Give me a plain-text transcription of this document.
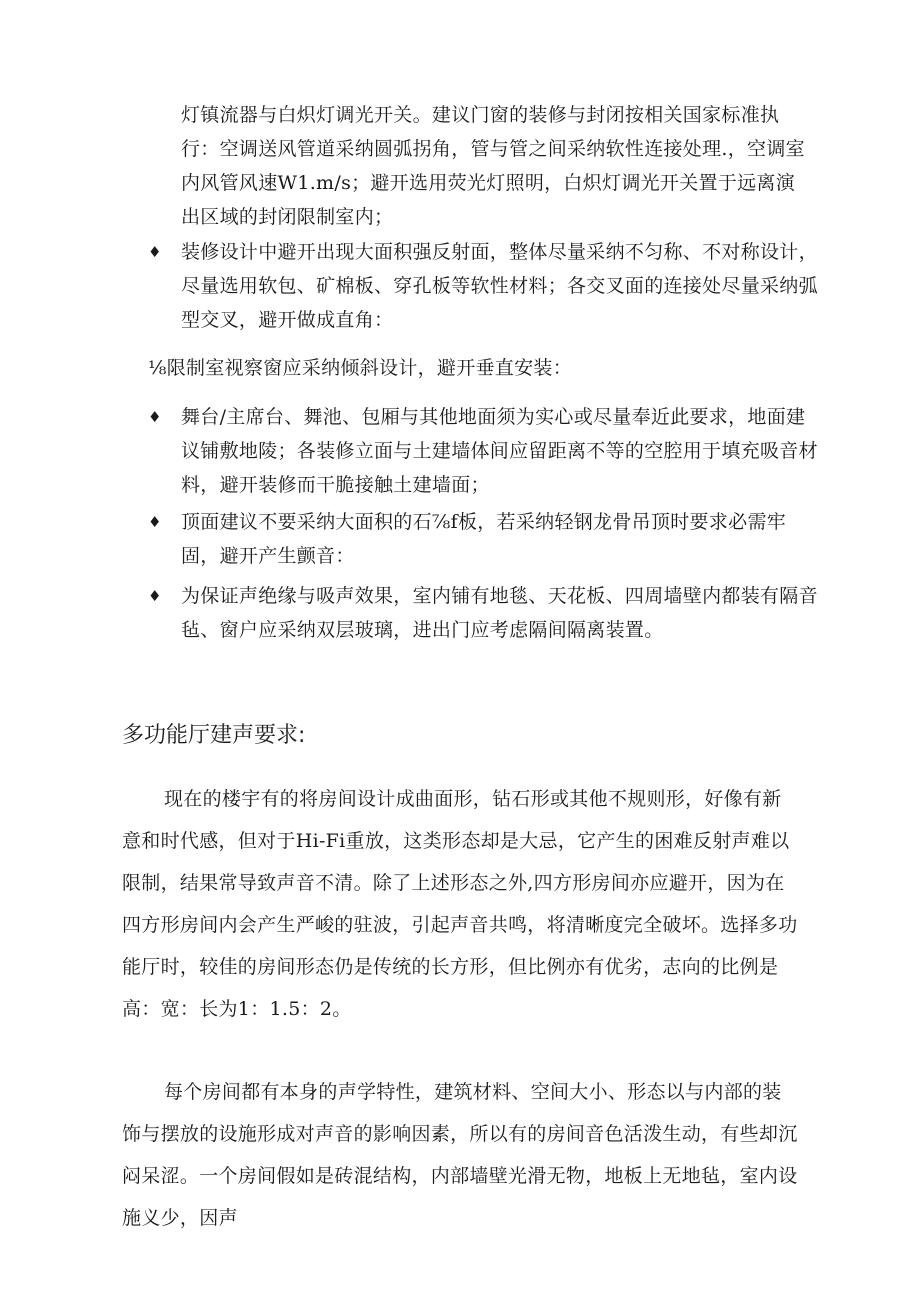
灯镇流器与白炽灯调光开关。建议门窗的装修与封闭按相关国家标准执行：空调送风管道采纳圆弧拐角，管与管之间采纳软性连接处理.，空调室内风管风速W1.m/s；避开选用荧光灯照明，白炽灯调光开关置于远离演出区域的封闭限制室内；

♦ 装修设计中避开出现大面积强反射面，整体尽量采纳不匀称、不对称设计，尽量选用软包、矿棉板、穿孔板等软性材料；各交叉面的连接处尽量采纳弧型交叉，避开做成直角：

⅛限制室视察窗应采纳倾斜设计，避开垂直安装：

♦ 舞台/主席台、舞池、包厢与其他地面须为实心或尽量奉近此要求，地面建议铺敷地陵；各装修立面与土建墙体间应留距离不等的空腔用于填充吸音材料，避开装修而干脆接触土建墙面；

♦ 顶面建议不要采纳大面积的石⅞f板，若采纳轻钢龙骨吊顶时要求必需牢固，避开产生颤音：

♦ 为保证声绝缘与吸声效果，室内铺有地毯、天花板、四周墙壁内都装有隔音毡、窗户应采纳双层玻璃，进出门应考虑隔间隔离装置。

多功能厅建声要求:

现在的楼宇有的将房间设计成曲面形，钻石形或其他不规则形，好像有新意和时代感，但对于Hi-Fi重放，这类形态却是大忌，它产生的困难反射声难以限制，结果常导致声音不清。除了上述形态之外,四方形房间亦应避开，因为在四方形房间内会产生严峻的驻波，引起声音共鸣，将清晰度完全破坏。选择多功能厅时，较佳的房间形态仍是传统的长方形，但比例亦有优劣，志向的比例是高：宽：长为1：1.5：2。

每个房间都有本身的声学特性，建筑材料、空间大小、形态以与内部的装饰与摆放的设施形成对声音的影响因素，所以有的房间音色活泼生动，有些却沉闷呆涩。一个房间假如是砖混结构，内部墙壁光滑无物，地板上无地毡，室内设施义少，因声
